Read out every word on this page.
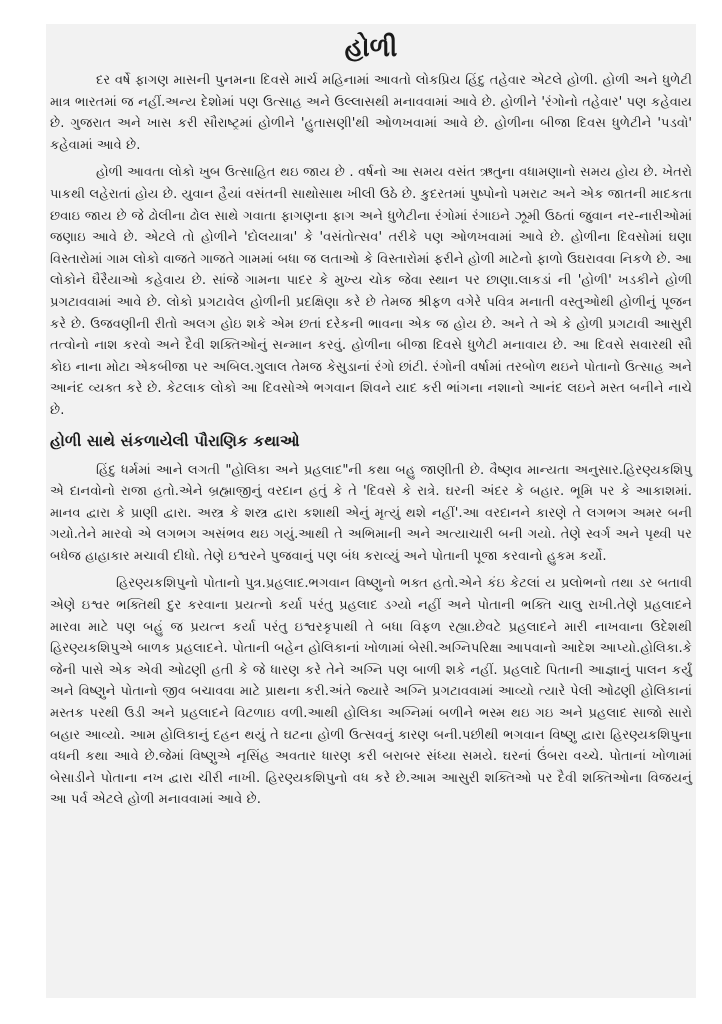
હોળી

દર વર્ષે ફાગણ માસની પુનમના દિવસે માર્ચ મહિનામાં આવતો લોકપ્રિય હિંદુ તહેવાર એટલે હોળી. હોળી અને ધુળેટી માત્ર ભારતમાં જ નહીં.અન્ય દેશોમાં પણ ઉત્સાહ અને ઉલ્લાસથી મનાવવામાં આવે છે. હોળીને 'રંગોનો તહેવાર' પણ કહેવાય છે. ગુજરાત અને ખાસ કરી સૌરાષ્ટ્રમાં હોળીને 'હુતાસણી'થી ઓળખવામાં આવે છે. હોળીના બીજા દિવસ ધુળેટીને 'પડવો' કહેવામાં આવે છે.

હોળી આવતા લોકો ખુબ ઉત્સાહિત થઇ જાય છે . વર્ષનો આ સમય વસંત ઋતુના વધામણાનો સમય હોય છે. ખેતરો પાકથી લહેરાતાં હોય છે. યુવાન હૈયાં વસંતની સાથોસાથ ખીલી ઉઠે છે. કુદરતમાં પુષ્પોનો પમરાટ અને એક જાતની માદકતા છવાઇ જાય છે જે ઢોલીના ઢોલ સાથે ગવાતા ફાગણના ફાગ અને ધુળેટીના રંગોમાં રંગાઇને ઝૂમી ઉઠતાં જુવાન નર-નારીઓમાં જણાઇ આવે છે. એટલે તો હોળીને 'દોલયાત્રા' કે 'વસંતોત્સવ' તરીકે પણ ઓળખવામાં આવે છે. હોળીના દિવસોમાં ઘણા વિસ્તારોમાં ગામ લોકો વાજતે ગાજતે ગામમાં બધા જ લતાઓ કે વિસ્તારોમાં ફરીને હોળી માટેનો ફાળો ઉઘરાવવા નિકળે છે. આ લોકોને ઘૈરૈયાઓ કહેવાય છે. સાંજે ગામના પાદર કે મુખ્ય ચોક જેવા સ્થાન પર છાણા.લાકડાં ની 'હોળી' ખડકીને હોળી પ્રગટાવવામાં આવે છે. લોકો પ્રગટાવેલ હોળીની પ્રદક્ષિણા કરે છે તેમજ શ્રીફળ વગેરે પવિત્ર મનાતી વસ્તુઓથી હોળીનું પૂજન કરે છે. ઉજવણીની રીતો અલગ હોઇ શકે એમ છતાં દરેકની ભાવના એક જ હોય છે. અને તે એ કે હોળી પ્રગટાવી આસુરી તત્વોનો નાશ કરવો અને દૈવી શક્તિઓનું સન્માન કરવું. હોળીના બીજા દિવસે ધુળેટી મનાવાય છે. આ દિવસે સવારથી સૌ કોઇ નાના મોટા એકબીજા પર અબિલ.ગુલાલ તેમજ કેસુડાનાં રંગો છાંટી. રંગોની વર્ષામાં તરબોળ થઇને પોતાનો ઉત્સાહ અને આનંદ વ્યક્ત કરે છે. કેટલાક લોકો આ દિવસોએ ભગવાન શિવને યાદ કરી ભાંગના નશાનો આનંદ લઇને મસ્ત બનીને નાચે છે.

હોળી સાથે સંકળાયેલી પૌરાણિક કથાઓ

હિંદુ ધર્મમાં આને લગતી "હોલિકા અને પ્રહલાદ"ની કથા બહુ જાણીતી છે. વૈષ્ણવ માન્યતા અનુસાર.હિરણ્યકશિપુ એ દાનવોનો રાજા હતો.એને બ્રહ્માજીનું વરદાન હતું કે તે 'દિવસે કે રાત્રે. ઘરની અંદર કે બહાર. ભૂમિ પર કે આકાશમાં. માનવ દ્વારા કે પ્રાણી દ્વારા. અસ્ત્ર કે શસ્ત્ર દ્વારા કશાથી એનું મૃત્યું થશે નહીં'.આ વરદાનને કારણે તે લગભગ અમર બની ગયો.તેને મારવો એ લગભગ અસંભવ થઇ ગયું.આથી તે અભિમાની અને અત્યાચારી બની ગયો. તેણે સ્વર્ગ અને પૃથ્વી પર બધેજ હાહાકાર મચાવી દીધો. તેણે ઇશ્વરને પુજવાનું પણ બંધ કરાવ્યું અને પોતાની પૂજા કરવાનો હુકમ કર્યો.

હિરણ્યકશિપુનો પોતાનો પુત્ર.પ્રહલાદ.ભગવાન વિષ્ણુનો ભક્ત હતો.એને કંઇ કેટલાં ય પ્રલોભનો તથા ડર બતાવી એણે ઇશ્વર ભક્તિથી દુર કરવાના પ્રયત્નો કર્યા પરંતુ પ્રહલાદ ડગ્યો નહીં અને પોતાની ભક્તિ ચાલુ રાખી.તેણે પ્રહલાદને મારવા માટે પણ બહું જ પ્રયત્ન કર્યા પરંતુ ઇશ્વરકૃપાથી તે બધા વિફળ રહ્યા.છેવટે પ્રહલાદને મારી નાખવાના ઉદેશથી હિરણ્યકશિપુએ બાળક પ્રહલાદને. પોતાની બહેન હોલિકાનાં ખોળામાં બેસી.અગ્નિપરિક્ષા આપવાનો આદેશ આપ્યો.હોલિકા.કે જેની પાસે એક એવી ઓઢણી હતી કે જે ધારણ કરે તેને અગ્નિ પણ બાળી શકે નહીં. પ્રહલાદે પિતાની આજ્ઞાનું પાલન કર્યું અને વિષ્ણુને પોતાનો જીવ બચાવવા માટે પ્રાથના કરી.અંતે જ્યારે અગ્નિ પ્રગટાવવામાં આવ્યો ત્યારે પેલી ઓઢણી હોલિકાનાં મસ્તક પરથી ઉડી અને પ્રહલાદને વિટળાઇ વળી.આથી હોલિકા અગ્નિમાં બળીને ભસ્મ થઇ ગઇ અને પ્રહલાદ સાજો સારો બહાર આવ્યો. આમ હોલિકાનું દહન થયું તે ઘટના હોળી ઉત્સવનું કારણ બની.પછીથી ભગવાન વિષ્ણુ દ્વારા હિરણ્યકશિપુના વધની કથા આવે છે.જેમાં વિષ્ણુએ નૃસિંહ અવતાર ધારણ કરી બરાબર સંધ્યા સમયે. ઘરનાં ઉંબરા વચ્ચે. પોતાનાં ખોળામાં બેસાડીને પોતાના નખ દ્વારા ચીરી નાખી. હિરણ્યકશિપુનો વધ કરે છે.આમ આસુરી શક્તિઓ પર દૈવી શક્તિઓના વિજયનું આ પર્વ એટલે હોળી મનાવવામાં આવે છે.
